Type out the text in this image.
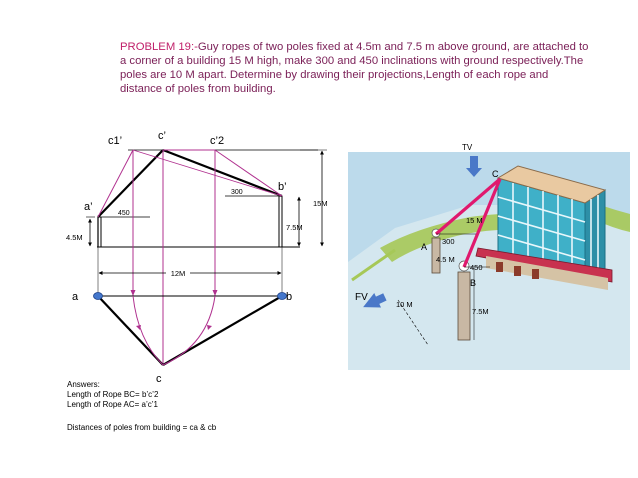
PROBLEM 19:-Guy ropes of two poles fixed at 4.5m and 7.5 m above ground, are attached to a corner of a building 15 M high, make 300 and 450 inclinations with ground respectively.The poles are 10 M apart. Determine by drawing their projections,Length of each rope and distance of poles from building.
12M
15M
7.5M
4.5M
450
300
c1’	c’	c’2
b’
a’
a	b
c
TV
C
15 M
300
A
4.5 M
450
B
FV
10 M
7.5M
Answers:
Length of Rope BC= b’c’2
Length of Rope AC= a’c’1
Distances of poles from building = ca & cb
